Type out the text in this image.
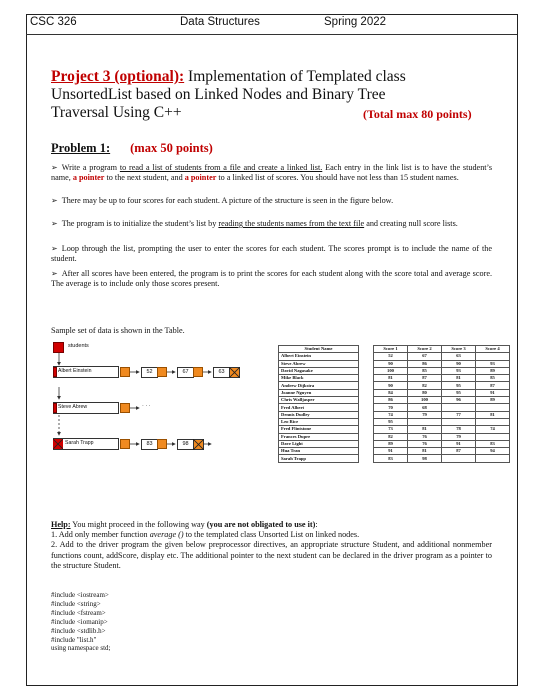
CSC 326	Data Structures	Spring 2022
Project 3 (optional): Implementation of Templated class
UnsortedList based on Linked Nodes and Binary Tree
Traversal Using C++	(Total max 80 points)
Problem 1: (max 50 points)
➢ Write a program to read a list of students from a file and create a linked list. Each entry in the link list is to have the student’s name, a pointer to the next student, and a pointer to a linked list of scores. You should have not less than 15 student names.
➢ There may be up to four scores for each student. A picture of the structure is seen in the figure below.
➢ The program is to initialize the student’s list by reading the students names from the text file and creating null score lists.
➢ Loop through the list, prompting the user to enter the scores for each student. The scores prompt is to include the name of the student.
➢ After all scores have been entered, the program is to print the scores for each student along with the score total and average score. The average is to include only those scores present.
Sample set of data is shown in the Table.
students
Albert Einstein	52	67	63
Steve Abrew	· · ·
Sarah Trapp	83	98
Student Name		Score 1	Score 2	Score 3	Score 4
Albert Einstein		52	67	63	
Steve Abrew		90	86	90	93
David Nagasake		100	85	93	89
Mike Black		81	87	81	85
Andrew Dijkstra		90	82	95	87
Joanne Nguyen		84	80	95	91
Chris Walljasper		86	100	96	89
Fred Albert		70	68		
Dennis Dudley		74	79	77	81
Leo Rice		95			
Fred Flintstone		73	81	78	74
Frances Dupre		82	76	79	
Dave Light		89	76	91	83
Hua Tran		91	81	87	94
Sarah Trapp		83	98		
Help: You might proceed in the following way (you are not obligated to use it):
1. Add only member function average () to the templated class Unsorted List on linked nodes.
2. Add to the driver program the given below preprocessor directives, an appropriate structure Student, and additional nonmember functions count, addScore, display etc. The additional pointer to the next student can be declared in the driver program as a pointer to the structure Student.
#include <iostream>
#include <string>
#include <fstream>
#include <iomanip>
#include <stdlib.h>
#include "list.h"
using namespace std;
